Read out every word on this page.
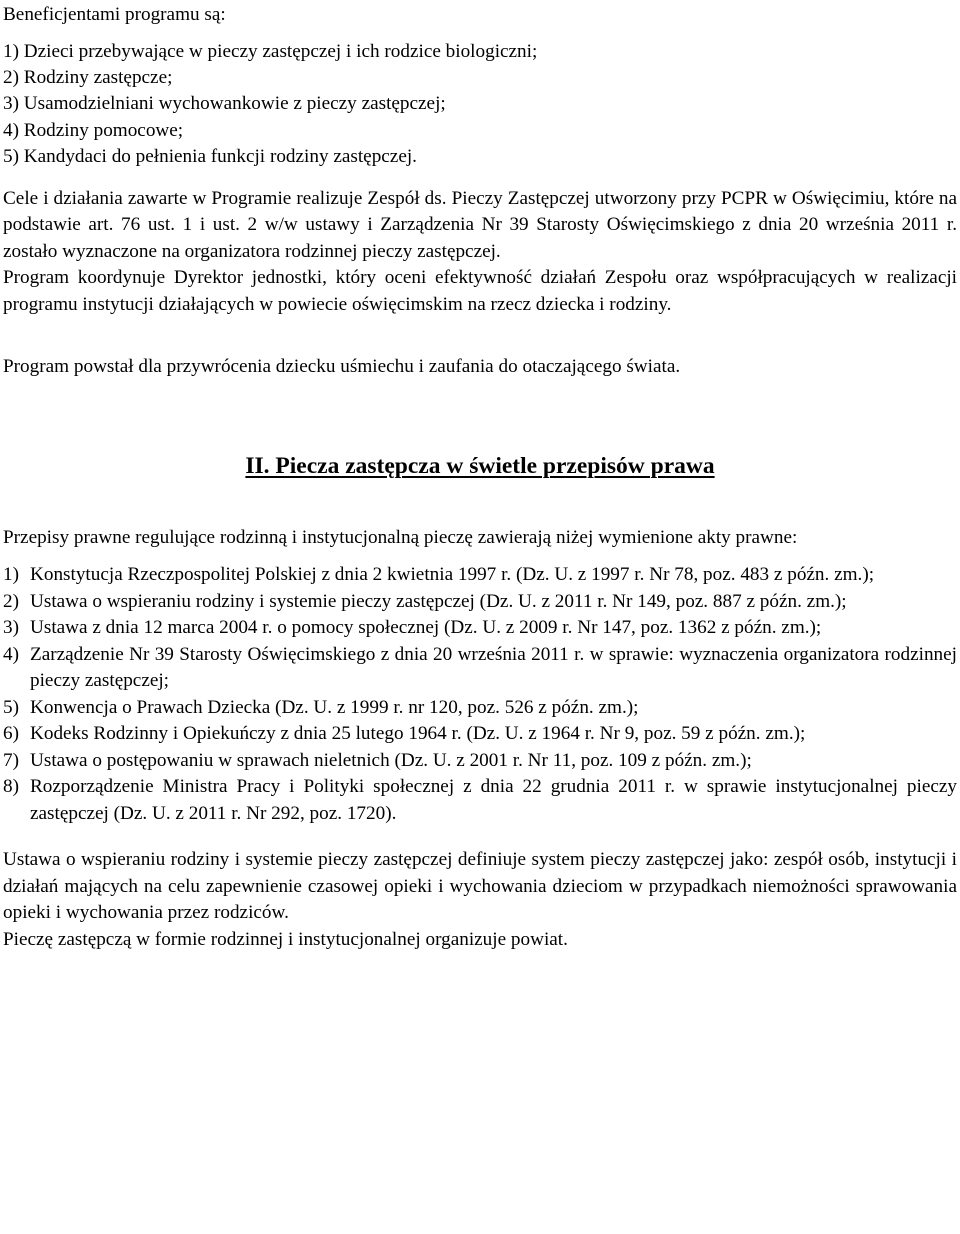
Beneficjentami programu są:

1) Dzieci przebywające w pieczy zastępczej i ich rodzice biologiczni;

2) Rodziny zastępcze;

3) Usamodzielniani wychowankowie z pieczy zastępczej;

4) Rodziny pomocowe;

5) Kandydaci do pełnienia funkcji rodziny zastępczej.

Cele i działania zawarte w Programie realizuje Zespół ds. Pieczy Zastępczej utworzony przy PCPR w Oświęcimiu, które na podstawie art. 76 ust. 1 i ust. 2 w/w ustawy i Zarządzenia Nr 39 Starosty Oświęcimskiego z dnia 20 września 2011 r. zostało wyznaczone na organizatora rodzinnej pieczy zastępczej.

Program koordynuje Dyrektor jednostki, który oceni efektywność działań Zespołu oraz współpracujących w realizacji programu instytucji działających w powiecie oświęcimskim na rzecz dziecka i rodziny.

Program powstał dla przywrócenia dziecku uśmiechu i zaufania do otaczającego świata.

II. Piecza zastępcza w świetle przepisów prawa

Przepisy prawne regulujące rodzinną i instytucjonalną pieczę zawierają niżej wymienione akty prawne:

1) Konstytucja Rzeczpospolitej Polskiej z dnia 2 kwietnia 1997 r. (Dz. U. z 1997 r. Nr 78, poz. 483 z późn. zm.);
2) Ustawa o wspieraniu rodziny i systemie pieczy zastępczej (Dz. U. z 2011 r. Nr 149, poz. 887 z późn. zm.);
3) Ustawa z dnia 12 marca 2004 r. o pomocy społecznej (Dz. U. z 2009 r. Nr 147, poz. 1362 z późn. zm.);
4) Zarządzenie Nr 39 Starosty Oświęcimskiego z dnia 20 września 2011 r. w sprawie: wyznaczenia organizatora rodzinnej pieczy zastępczej;
5) Konwencja o Prawach Dziecka (Dz. U. z 1999 r. nr 120, poz. 526 z późn. zm.);
6) Kodeks Rodzinny i Opiekuńczy z dnia 25 lutego 1964 r. (Dz. U. z 1964 r. Nr 9, poz. 59 z późn. zm.);
7) Ustawa o postępowaniu w sprawach nieletnich (Dz. U. z 2001 r. Nr 11, poz. 109 z późn. zm.);
8) Rozporządzenie Ministra Pracy i Polityki społecznej z dnia 22 grudnia 2011 r. w sprawie instytucjonalnej pieczy zastępczej (Dz. U. z 2011 r. Nr 292, poz. 1720).

Ustawa o wspieraniu rodziny i systemie pieczy zastępczej definiuje system pieczy zastępczej jako: zespół osób, instytucji i działań mających na celu zapewnienie czasowej opieki i wychowania dzieciom w przypadkach niemożności sprawowania opieki i wychowania przez rodziców.

Pieczę zastępczą w formie rodzinnej i instytucjonalnej organizuje powiat.
